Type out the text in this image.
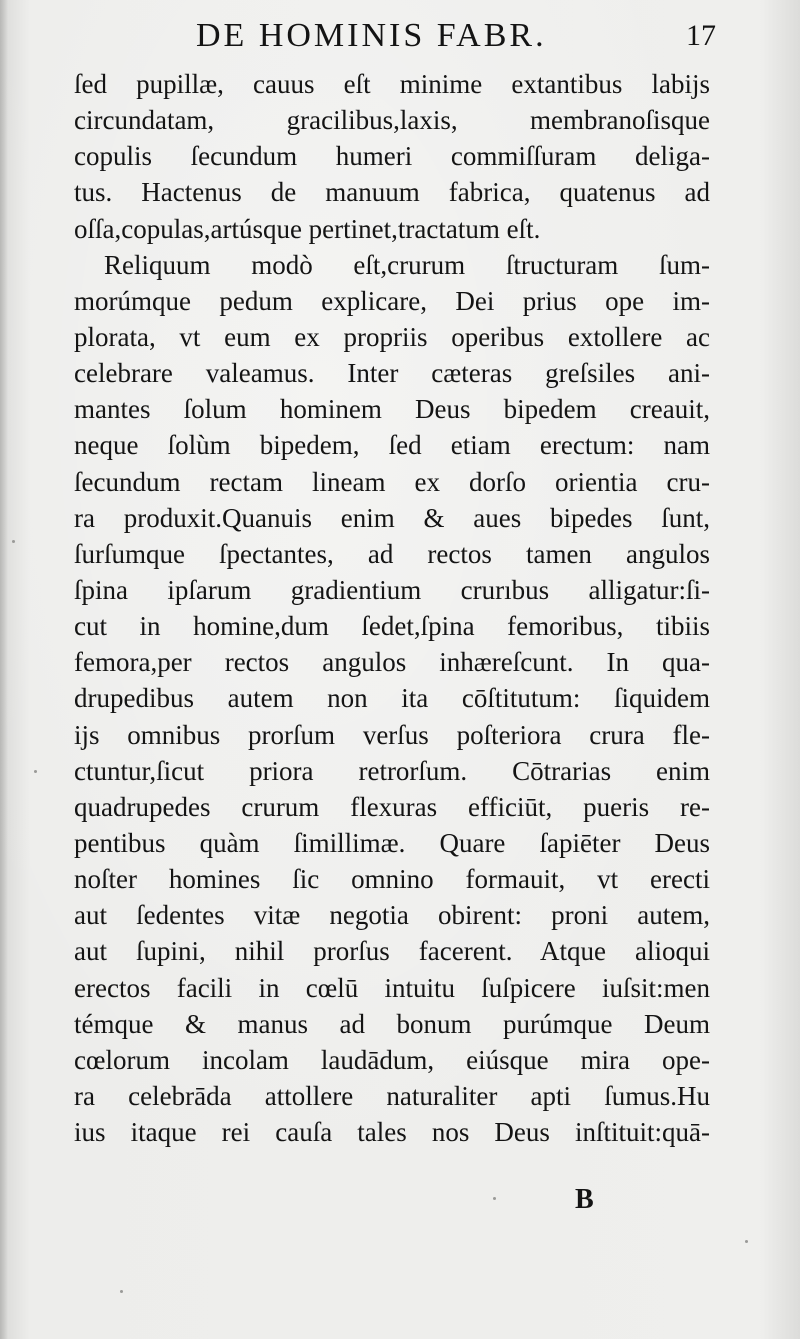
DE HOMINIS FABR.	17
ſed pupillæ, cauus eſt minime extantibus labijs
circundatam, gracilibus,laxis, membranoſisque
copulis ſecundum humeri commiſſuram deliga-
tus. Hactenus de manuum fabrica, quatenus ad
oſſa,copulas,artúsque pertinet,tractatum eſt.
Reliquum modò eſt,crurum ſtructuram ſum-
morúmque pedum explicare, Dei prius ope im-
plorata, vt eum ex propriis operibus extollere ac
celebrare valeamus. Inter cæteras greſsiles ani-
mantes ſolum hominem Deus bipedem creauit,
neque ſolùm bipedem, ſed etiam erectum: nam
ſecundum rectam lineam ex dorſo orientia cru-
ra produxit.Quanuis enim & aues bipedes ſunt,
ſurſumque ſpectantes, ad rectos tamen angulos
ſpina ipſarum gradientium crurıbus alligatur:ſi-
cut in homine,dum ſedet,ſpina femoribus, tibiis
femora,per rectos angulos inhæreſcunt. In qua-
drupedibus autem non ita cōſtitutum: ſiquidem
ijs omnibus prorſum verſus poſteriora crura fle-
ctuntur,ſicut priora retrorſum. Cōtrarias enim
quadrupedes crurum flexuras efficiūt, pueris re-
pentibus quàm ſimillimæ. Quare ſapiēter Deus
noſter homines ſic omnino formauit, vt erecti
aut ſedentes vitæ negotia obirent: proni autem,
aut ſupini, nihil prorſus facerent. Atque alioqui
erectos facili in cœlū intuitu ſuſpicere iuſsit:men
témque & manus ad bonum purúmque Deum
cœlorum incolam laudādum, eiúsque mira ope-
ra celebrāda attollere naturaliter apti ſumus.Hu
ius itaque rei cauſa tales nos Deus inſtituit:quā-
B
